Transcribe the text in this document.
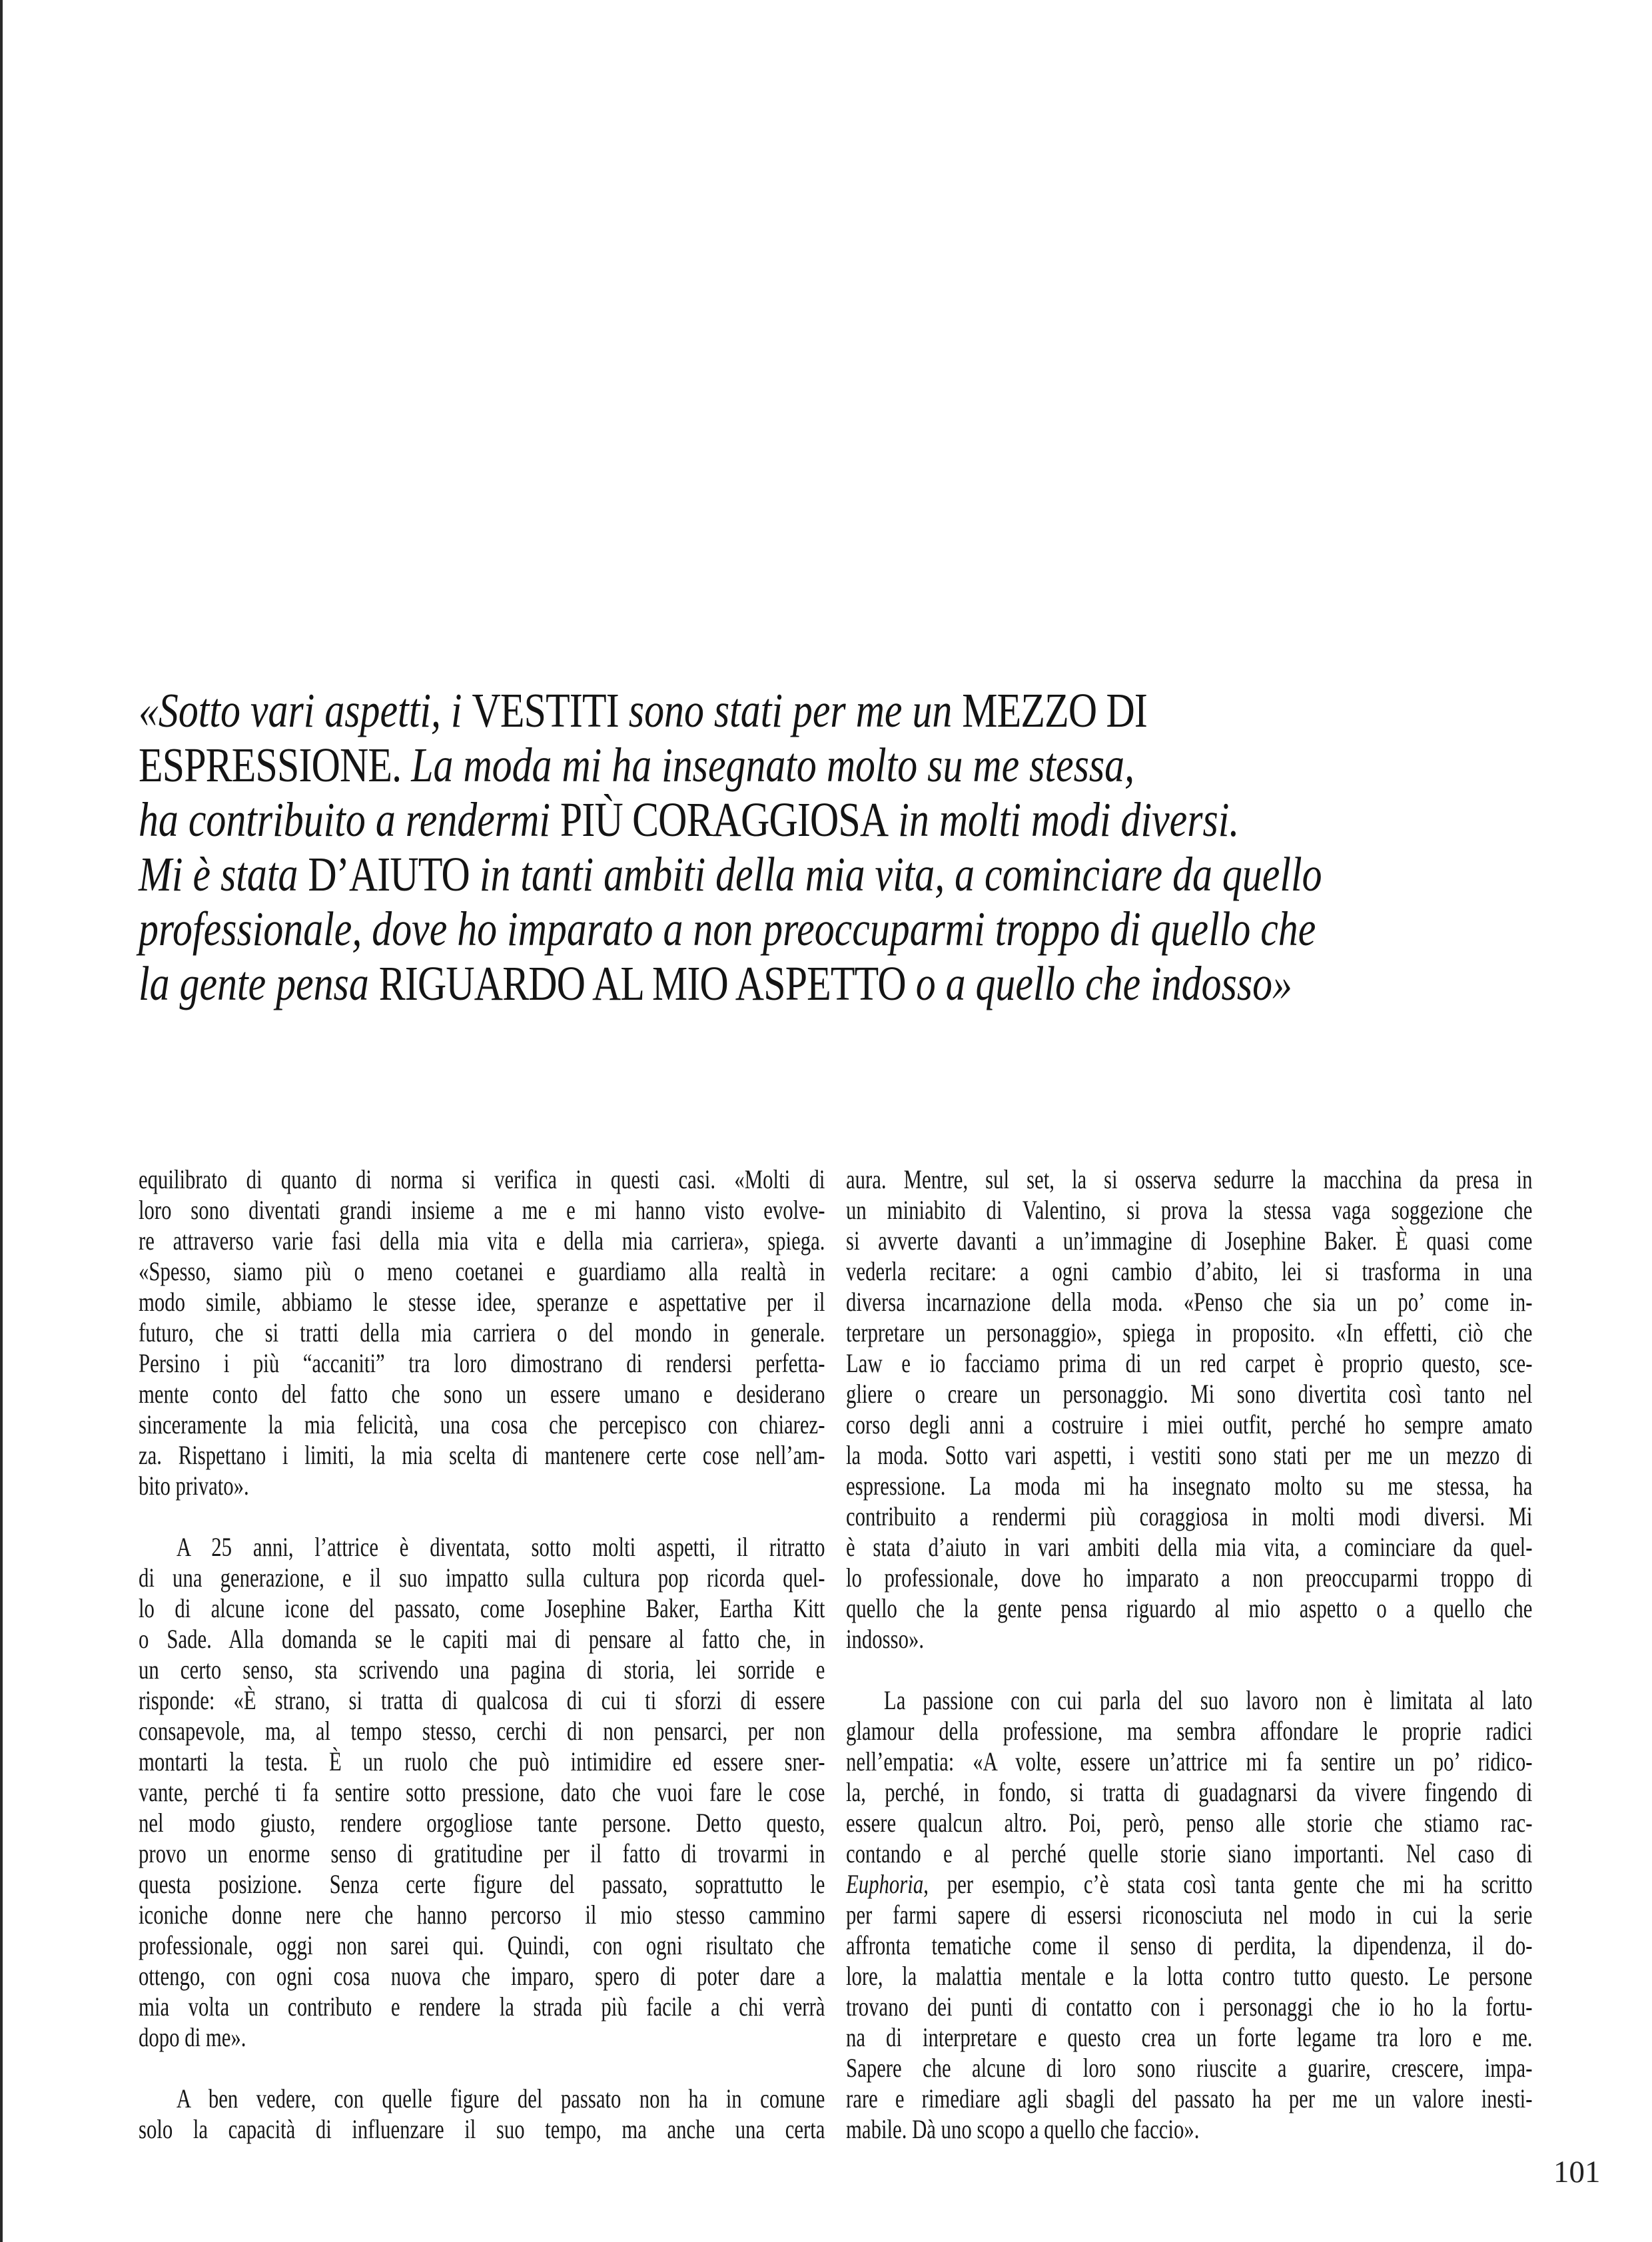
«Sotto vari aspetti, i VESTITI sono stati per me un MEZZO DI
ESPRESSIONE. La moda mi ha insegnato molto su me stessa,
ha contribuito a rendermi PIÙ CORAGGIOSA in molti modi diversi.
Mi è stata D’AIUTO in tanti ambiti della mia vita, a cominciare da quello
professionale, dove ho imparato a non preoccuparmi troppo di quello che
la gente pensa RIGUARDO AL MIO ASPETTO o a quello che indosso»
equilibrato di quanto di norma si verifica in questi casi. «Molti di
loro sono diventati grandi insieme a me e mi hanno visto evolve-
re attraverso varie fasi della mia vita e della mia carriera», spiega.
«Spesso, siamo più o meno coetanei e guardiamo alla realtà in
modo simile, abbiamo le stesse idee, speranze e aspettative per il
futuro, che si tratti della mia carriera o del mondo in generale.
Persino i più “accaniti” tra loro dimostrano di rendersi perfetta-
mente conto del fatto che sono un essere umano e desiderano
sinceramente la mia felicità, una cosa che percepisco con chiarez-
za. Rispettano i limiti, la mia scelta di mantenere certe cose nell’am-
bito privato».
A 25 anni, l’attrice è diventata, sotto molti aspetti, il ritratto
di una generazione, e il suo impatto sulla cultura pop ricorda quel-
lo di alcune icone del passato, come Josephine Baker, Eartha Kitt
o Sade. Alla domanda se le capiti mai di pensare al fatto che, in
un certo senso, sta scrivendo una pagina di storia, lei sorride e
risponde: «È strano, si tratta di qualcosa di cui ti sforzi di essere
consapevole, ma, al tempo stesso, cerchi di non pensarci, per non
montarti la testa. È un ruolo che può intimidire ed essere sner-
vante, perché ti fa sentire sotto pressione, dato che vuoi fare le cose
nel modo giusto, rendere orgogliose tante persone. Detto questo,
provo un enorme senso di gratitudine per il fatto di trovarmi in
questa posizione. Senza certe figure del passato, soprattutto le
iconiche donne nere che hanno percorso il mio stesso cammino
professionale, oggi non sarei qui. Quindi, con ogni risultato che
ottengo, con ogni cosa nuova che imparo, spero di poter dare a
mia volta un contributo e rendere la strada più facile a chi verrà
dopo di me».
A ben vedere, con quelle figure del passato non ha in comune
solo la capacità di influenzare il suo tempo, ma anche una certa
aura. Mentre, sul set, la si osserva sedurre la macchina da presa in
un miniabito di Valentino, si prova la stessa vaga soggezione che
si avverte davanti a un’immagine di Josephine Baker. È quasi come
vederla recitare: a ogni cambio d’abito, lei si trasforma in una
diversa incarnazione della moda. «Penso che sia un po’ come in-
terpretare un personaggio», spiega in proposito. «In effetti, ciò che
Law e io facciamo prima di un red carpet è proprio questo, sce-
gliere o creare un personaggio. Mi sono divertita così tanto nel
corso degli anni a costruire i miei outfit, perché ho sempre amato
la moda. Sotto vari aspetti, i vestiti sono stati per me un mezzo di
espressione. La moda mi ha insegnato molto su me stessa, ha
contribuito a rendermi più coraggiosa in molti modi diversi. Mi
è stata d’aiuto in vari ambiti della mia vita, a cominciare da quel-
lo professionale, dove ho imparato a non preoccuparmi troppo di
quello che la gente pensa riguardo al mio aspetto o a quello che
indosso».
La passione con cui parla del suo lavoro non è limitata al lato
glamour della professione, ma sembra affondare le proprie radici
nell’empatia: «A volte, essere un’attrice mi fa sentire un po’ ridico-
la, perché, in fondo, si tratta di guadagnarsi da vivere fingendo di
essere qualcun altro. Poi, però, penso alle storie che stiamo rac-
contando e al perché quelle storie siano importanti. Nel caso di
Euphoria, per esempio, c’è stata così tanta gente che mi ha scritto
per farmi sapere di essersi riconosciuta nel modo in cui la serie
affronta tematiche come il senso di perdita, la dipendenza, il do-
lore, la malattia mentale e la lotta contro tutto questo. Le persone
trovano dei punti di contatto con i personaggi che io ho la fortu-
na di interpretare e questo crea un forte legame tra loro e me.
Sapere che alcune di loro sono riuscite a guarire, crescere, impa-
rare e rimediare agli sbagli del passato ha per me un valore inesti-
mabile. Dà uno scopo a quello che faccio».
101
